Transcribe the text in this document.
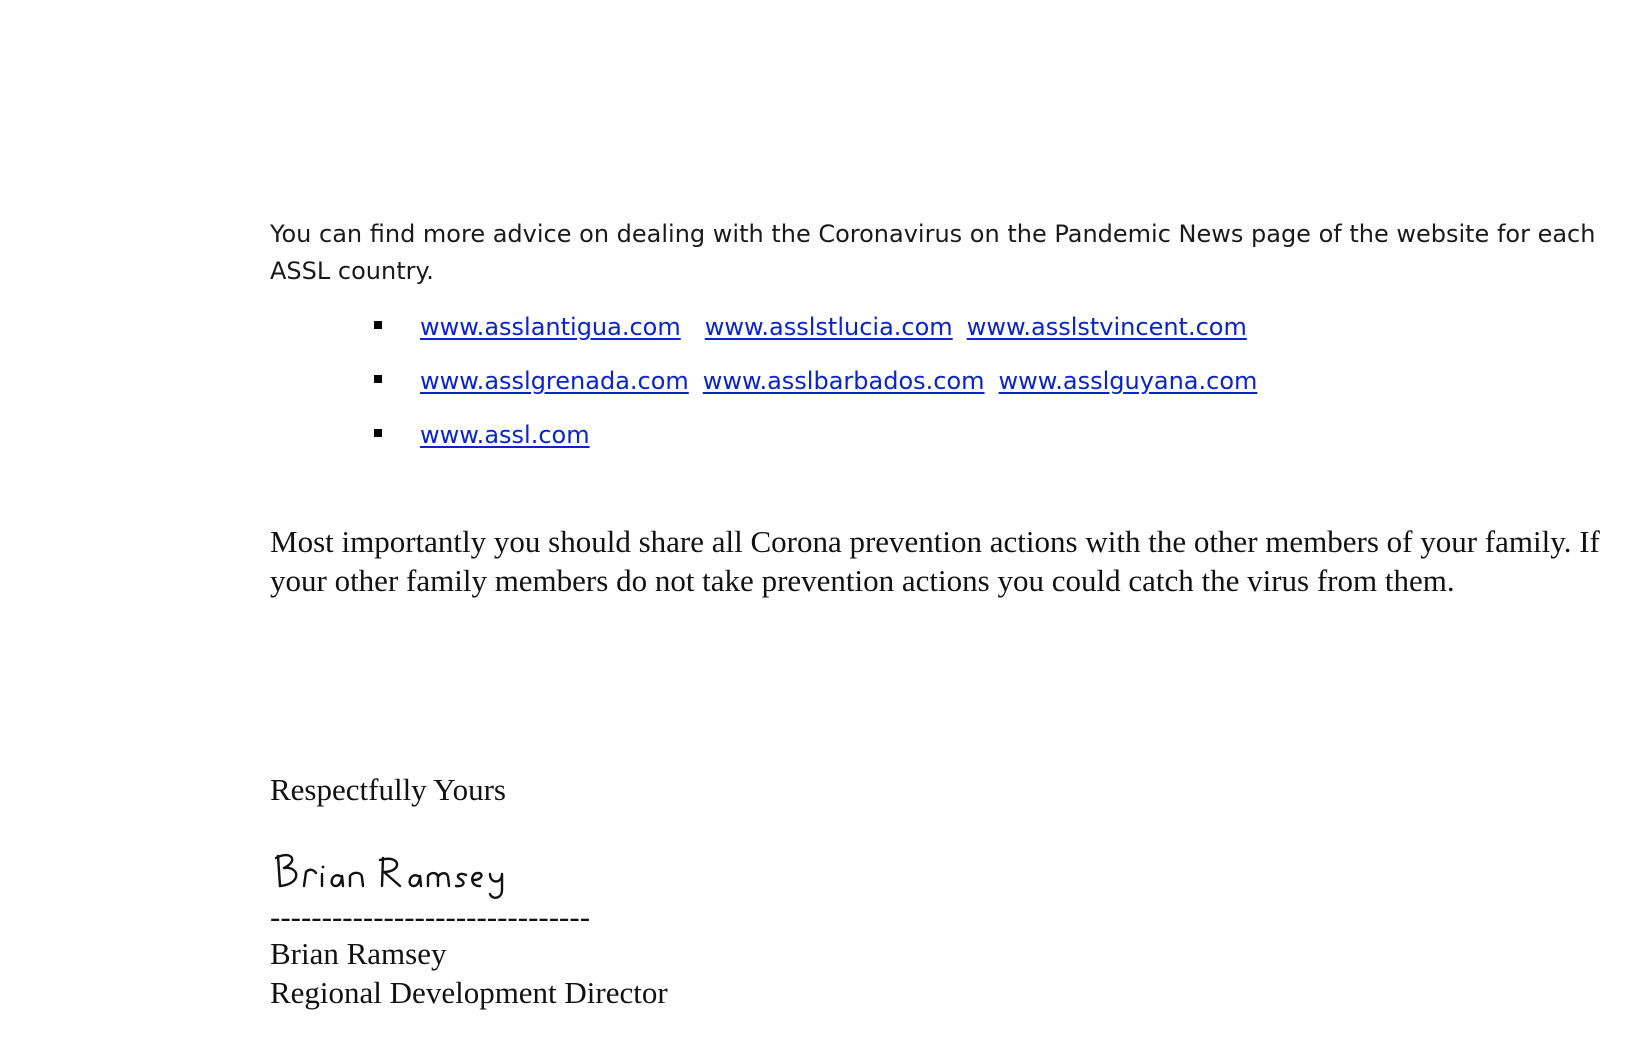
You can find more advice on dealing with the Coronavirus on the Pandemic News page of the website for each ASSL country.

www.asslantigua.com www.asslstlucia.com www.asslstvincent.com
www.asslgrenada.com www.asslbarbados.com www.asslguyana.com
www.assl.com

Most importantly you should share all Corona prevention actions with the other members of your family. If your other family members do not take prevention actions you could catch the virus from them.

Respectfully Yours

-------------------------------

Brian Ramsey

Regional Development Director
